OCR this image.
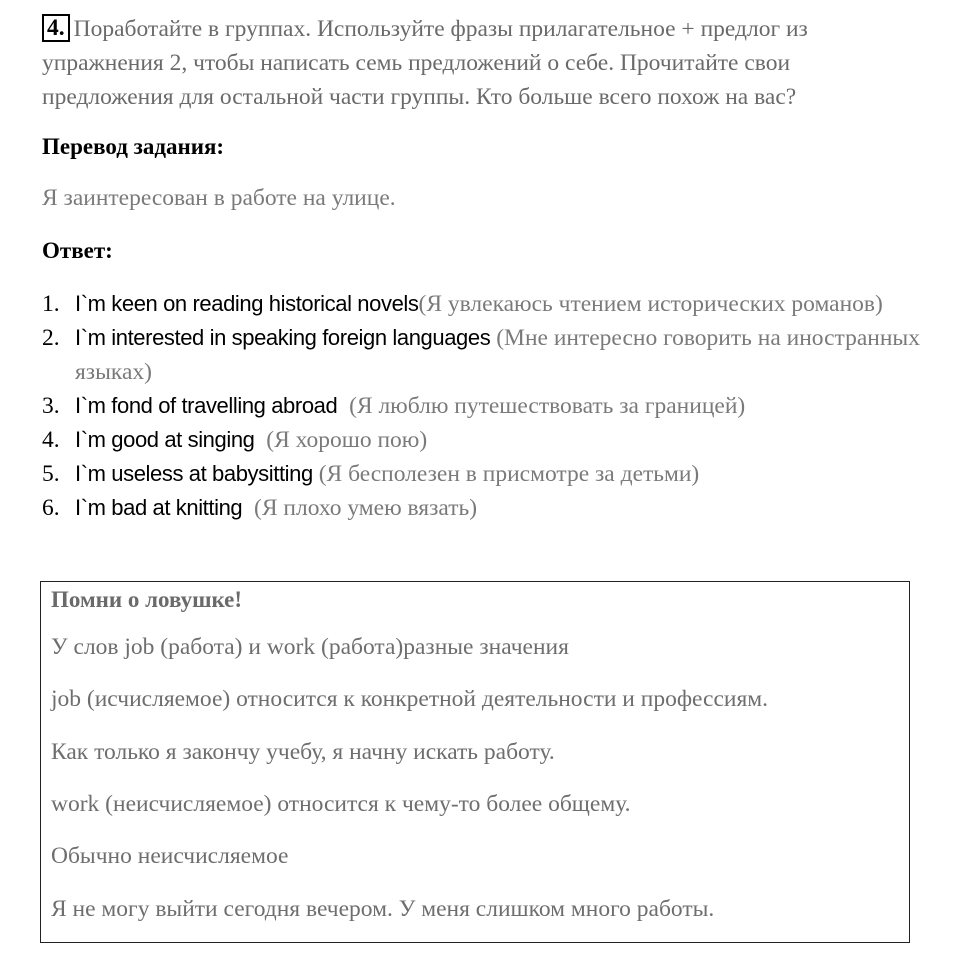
4. Поработайте в группах. Используйте фразы прилагательное + предлог из упражнения 2, чтобы написать семь предложений о себе. Прочитайте свои предложения для остальной части группы. Кто больше всего похож на вас?
Перевод задания:
Я заинтересован в работе на улице.
Ответ:
1. I`m keen on reading historical novels(Я увлекаюсь чтением исторических романов)
2. I`m interested in speaking foreign languages (Мне интересно говорить на иностранных языках)
3. I`m fond of travelling abroad  (Я люблю путешествовать за границей)
4. I`m good at singing  (Я хорошо пою)
5. I`m useless at babysitting (Я бесполезен в присмотре за детьми)
6. I`m bad at knitting  (Я плохо умею вязать)
Помни о ловушке!
У слов job (работа) и work (работа)разные значения
job (исчисляемое) относится к конкретной деятельности и профессиям.
Как только я закончу учебу, я начну искать работу.
work (неисчисляемое) относится к чему-то более общему.
Обычно неисчисляемое
Я не могу выйти сегодня вечером. У меня слишком много работы.
